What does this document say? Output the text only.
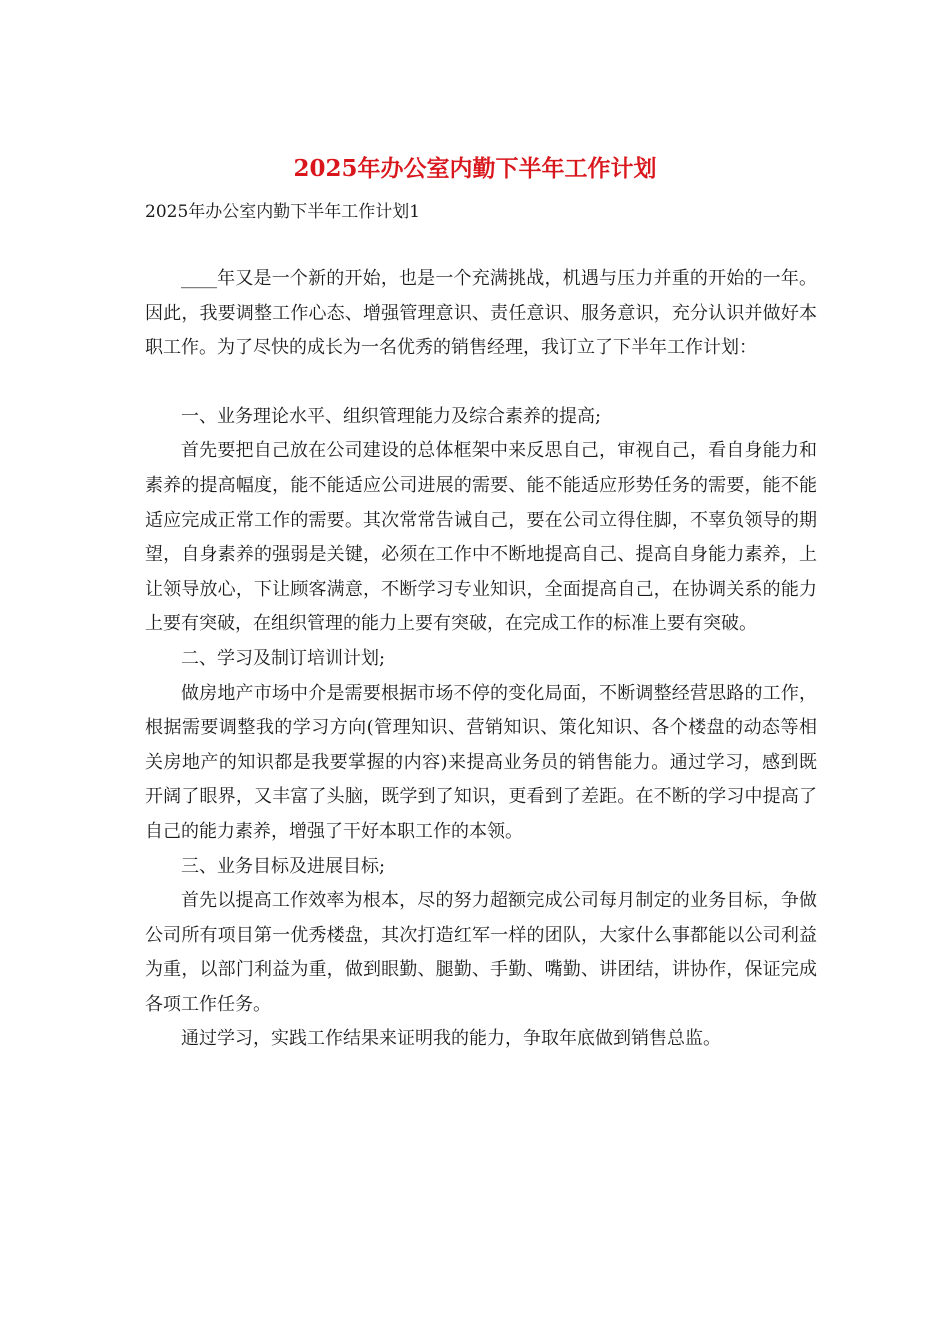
2025年办公室内勤下半年工作计划

2025年办公室内勤下半年工作计划1

____年又是一个新的开始，也是一个充满挑战，机遇与压力并重的开始的一年。因此，我要调整工作心态、增强管理意识、责任意识、服务意识，充分认识并做好本职工作。为了尽快的成长为一名优秀的销售经理，我订立了下半年工作计划：

一、业务理论水平、组织管理能力及综合素养的提高;

首先要把自己放在公司建设的总体框架中来反思自己，审视自己，看自身能力和素养的提高幅度，能不能适应公司进展的需要、能不能适应形势任务的需要，能不能适应完成正常工作的需要。其次常常告诫自己，要在公司立得住脚，不辜负领导的期望，自身素养的强弱是关键，必须在工作中不断地提高自己、提高自身能力素养，上让领导放心，下让顾客满意，不断学习专业知识，全面提高自己，在协调关系的能力上要有突破，在组织管理的能力上要有突破，在完成工作的标准上要有突破。

二、学习及制订培训计划;

做房地产市场中介是需要根据市场不停的变化局面，不断调整经营思路的工作，根据需要调整我的学习方向(管理知识、营销知识、策化知识、各个楼盘的动态等相关房地产的知识都是我要掌握的内容)来提高业务员的销售能力。通过学习，感到既开阔了眼界，又丰富了头脑，既学到了知识，更看到了差距。在不断的学习中提高了自己的能力素养，增强了干好本职工作的本领。

三、业务目标及进展目标;

首先以提高工作效率为根本，尽的努力超额完成公司每月制定的业务目标，争做公司所有项目第一优秀楼盘，其次打造红军一样的团队，大家什么事都能以公司利益为重，以部门利益为重，做到眼勤、腿勤、手勤、嘴勤、讲团结，讲协作，保证完成各项工作任务。

通过学习，实践工作结果来证明我的能力，争取年底做到销售总监。
